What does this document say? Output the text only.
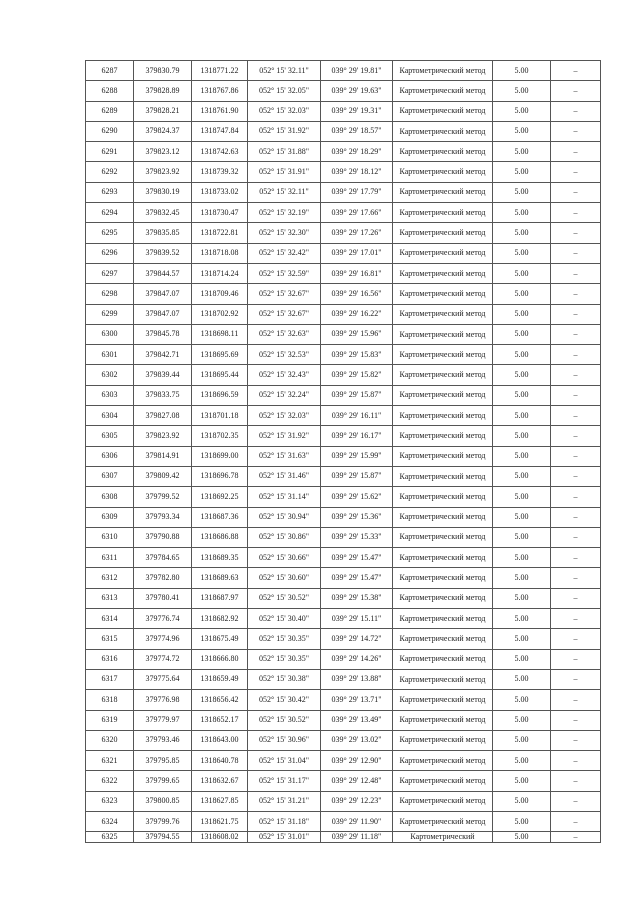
6287	379830.79	1318771.22	052° 15' 32.11"	039° 29' 19.81"	Картометрический метод	5.00	–
6288	379828.89	1318767.86	052° 15' 32.05"	039° 29' 19.63"	Картометрический метод	5.00	–
6289	379828.21	1318761.90	052° 15' 32.03"	039° 29' 19.31"	Картометрический метод	5.00	–
6290	379824.37	1318747.84	052° 15' 31.92"	039° 29' 18.57"	Картометрический метод	5.00	–
6291	379823.12	1318742.63	052° 15' 31.88"	039° 29' 18.29"	Картометрический метод	5.00	–
6292	379823.92	1318739.32	052° 15' 31.91"	039° 29' 18.12"	Картометрический метод	5.00	–
6293	379830.19	1318733.02	052° 15' 32.11"	039° 29' 17.79"	Картометрический метод	5.00	–
6294	379832.45	1318730.47	052° 15' 32.19"	039° 29' 17.66"	Картометрический метод	5.00	–
6295	379835.85	1318722.81	052° 15' 32.30"	039° 29' 17.26"	Картометрический метод	5.00	–
6296	379839.52	1318718.08	052° 15' 32.42"	039° 29' 17.01"	Картометрический метод	5.00	–
6297	379844.57	1318714.24	052° 15' 32.59"	039° 29' 16.81"	Картометрический метод	5.00	–
6298	379847.07	1318709.46	052° 15' 32.67"	039° 29' 16.56"	Картометрический метод	5.00	–
6299	379847.07	1318702.92	052° 15' 32.67"	039° 29' 16.22"	Картометрический метод	5.00	–
6300	379845.78	1318698.11	052° 15' 32.63"	039° 29' 15.96"	Картометрический метод	5.00	–
6301	379842.71	1318695.69	052° 15' 32.53"	039° 29' 15.83"	Картометрический метод	5.00	–
6302	379839.44	1318695.44	052° 15' 32.43"	039° 29' 15.82"	Картометрический метод	5.00	–
6303	379833.75	1318696.59	052° 15' 32.24"	039° 29' 15.87"	Картометрический метод	5.00	–
6304	379827.08	1318701.18	052° 15' 32.03"	039° 29' 16.11"	Картометрический метод	5.00	–
6305	379823.92	1318702.35	052° 15' 31.92"	039° 29' 16.17"	Картометрический метод	5.00	–
6306	379814.91	1318699.00	052° 15' 31.63"	039° 29' 15.99"	Картометрический метод	5.00	–
6307	379809.42	1318696.78	052° 15' 31.46"	039° 29' 15.87"	Картометрический метод	5.00	–
6308	379799.52	1318692.25	052° 15' 31.14"	039° 29' 15.62"	Картометрический метод	5.00	–
6309	379793.34	1318687.36	052° 15' 30.94"	039° 29' 15.36"	Картометрический метод	5.00	–
6310	379790.88	1318686.88	052° 15' 30.86"	039° 29' 15.33"	Картометрический метод	5.00	–
6311	379784.65	1318689.35	052° 15' 30.66"	039° 29' 15.47"	Картометрический метод	5.00	–
6312	379782.80	1318689.63	052° 15' 30.60"	039° 29' 15.47"	Картометрический метод	5.00	–
6313	379780.41	1318687.97	052° 15' 30.52"	039° 29' 15.38"	Картометрический метод	5.00	–
6314	379776.74	1318682.92	052° 15' 30.40"	039° 29' 15.11"	Картометрический метод	5.00	–
6315	379774.96	1318675.49	052° 15' 30.35"	039° 29' 14.72"	Картометрический метод	5.00	–
6316	379774.72	1318666.80	052° 15' 30.35"	039° 29' 14.26"	Картометрический метод	5.00	–
6317	379775.64	1318659.49	052° 15' 30.38"	039° 29' 13.88"	Картометрический метод	5.00	–
6318	379776.98	1318656.42	052° 15' 30.42"	039° 29' 13.71"	Картометрический метод	5.00	–
6319	379779.97	1318652.17	052° 15' 30.52"	039° 29' 13.49"	Картометрический метод	5.00	–
6320	379793.46	1318643.00	052° 15' 30.96"	039° 29' 13.02"	Картометрический метод	5.00	–
6321	379795.85	1318640.78	052° 15' 31.04"	039° 29' 12.90"	Картометрический метод	5.00	–
6322	379799.65	1318632.67	052° 15' 31.17"	039° 29' 12.48"	Картометрический метод	5.00	–
6323	379800.85	1318627.85	052° 15' 31.21"	039° 29' 12.23"	Картометрический метод	5.00	–
6324	379799.76	1318621.75	052° 15' 31.18"	039° 29' 11.90"	Картометрический метод	5.00	–
6325	379794.55	1318608.02	052° 15' 31.01"	039° 29' 11.18"	Картометрический	5.00	–
